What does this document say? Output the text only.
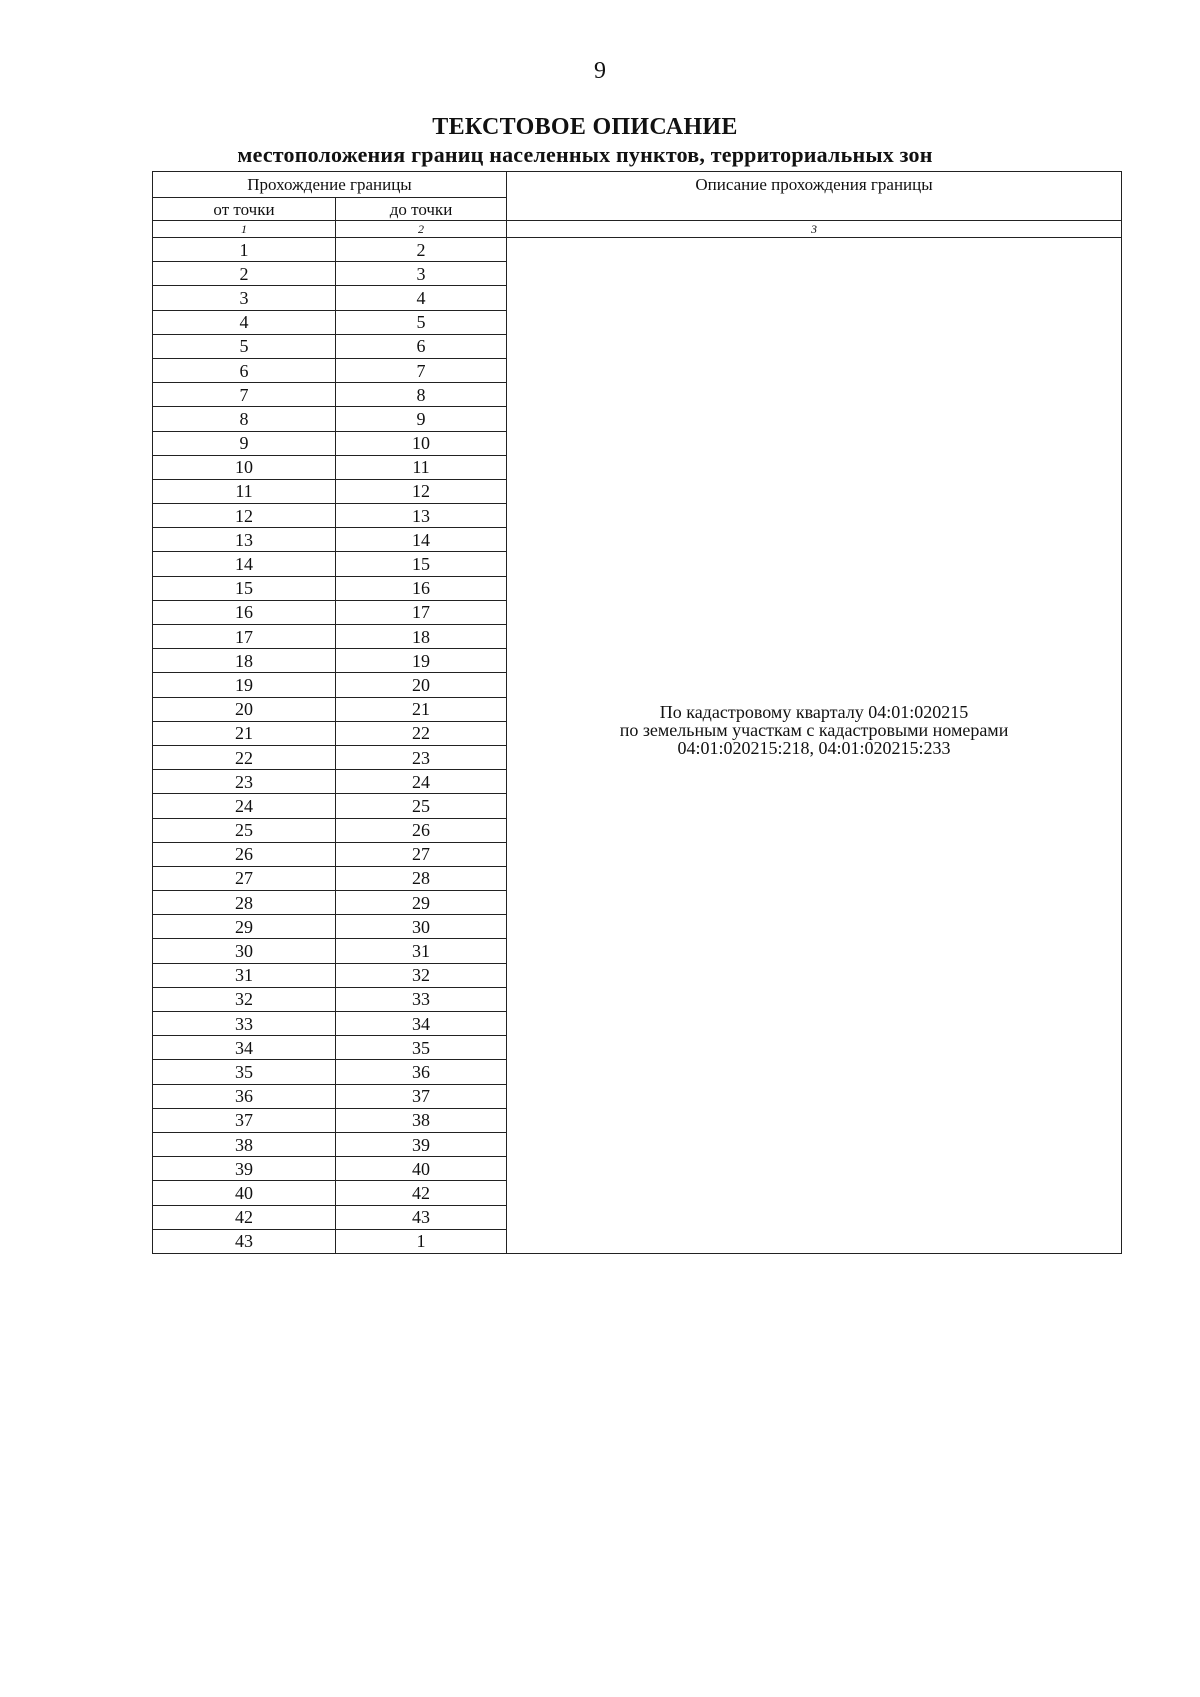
9
ТЕКСТОВОЕ ОПИСАНИЕ
местоположения границ населенных пунктов, территориальных зон
Прохождение границы		Описание прохождения границы
от точки	до точки	
1	2	3
1	2	По кадастровому кварталу 04:01:020215
по земельным участкам с кадастровыми номерами
04:01:020215:218, 04:01:020215:233

2	3	
3	4	
4	5	
5	6	
6	7	
7	8	
8	9	
9	10	
10	11	
11	12	
12	13	
13	14	
14	15	
15	16	
16	17	
17	18	
18	19	
19	20	
20	21	
21	22	
22	23	
23	24	
24	25	
25	26	
26	27	
27	28	
28	29	
29	30	
30	31	
31	32	
32	33	
33	34	
34	35	
35	36	
36	37	
37	38	
38	39	
39	40	
40	42	
42	43	
43	1	
